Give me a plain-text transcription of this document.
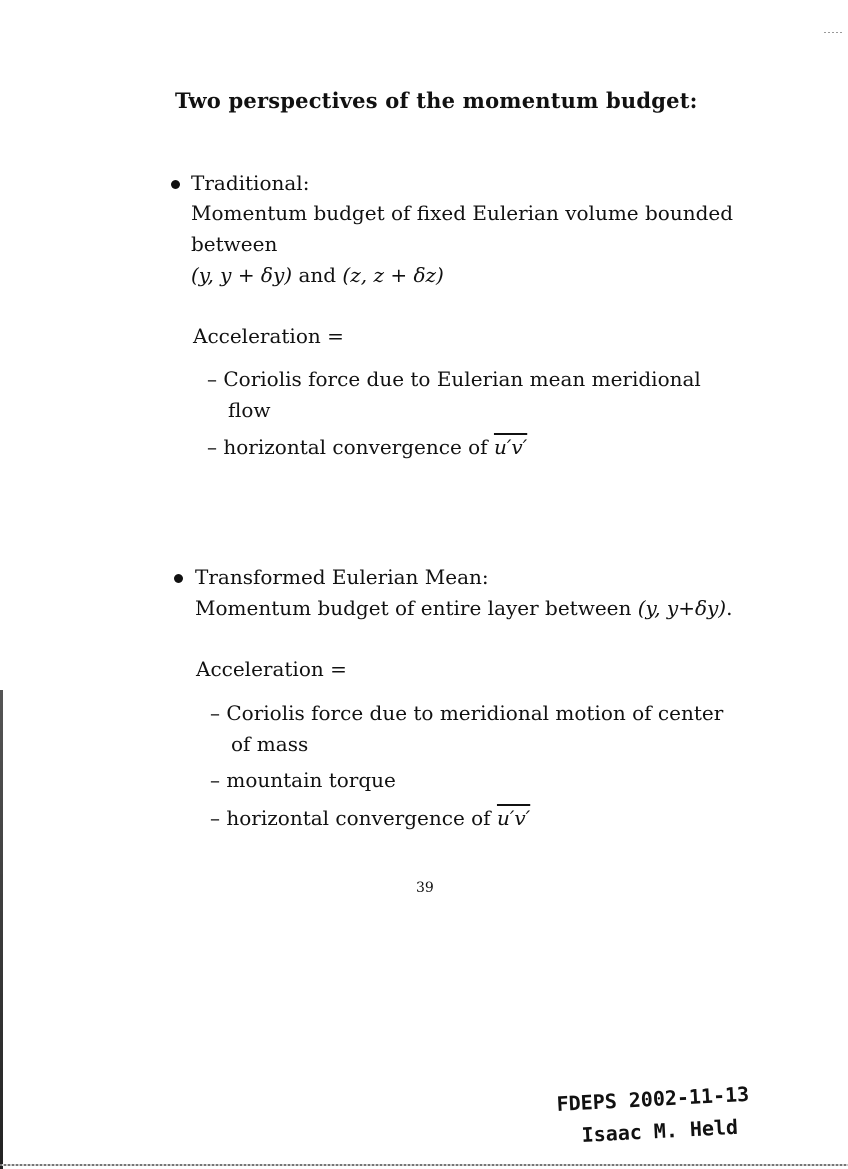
Two perspectives of the momentum budget:
Traditional:
Momentum budget of fixed Eulerian volume bounded
between
(y, y + δy) and (z, z + δz)
Acceleration =
– Coriolis force due to Eulerian mean meridional
flow
– horizontal convergence of u′v′
Transformed Eulerian Mean:
Momentum budget of entire layer between (y, y+δy).
Acceleration =
– Coriolis force due to meridional motion of center
of mass
– mountain torque
– horizontal convergence of u′v′
39
FDEPS 2002-11-13
Isaac M. Held
